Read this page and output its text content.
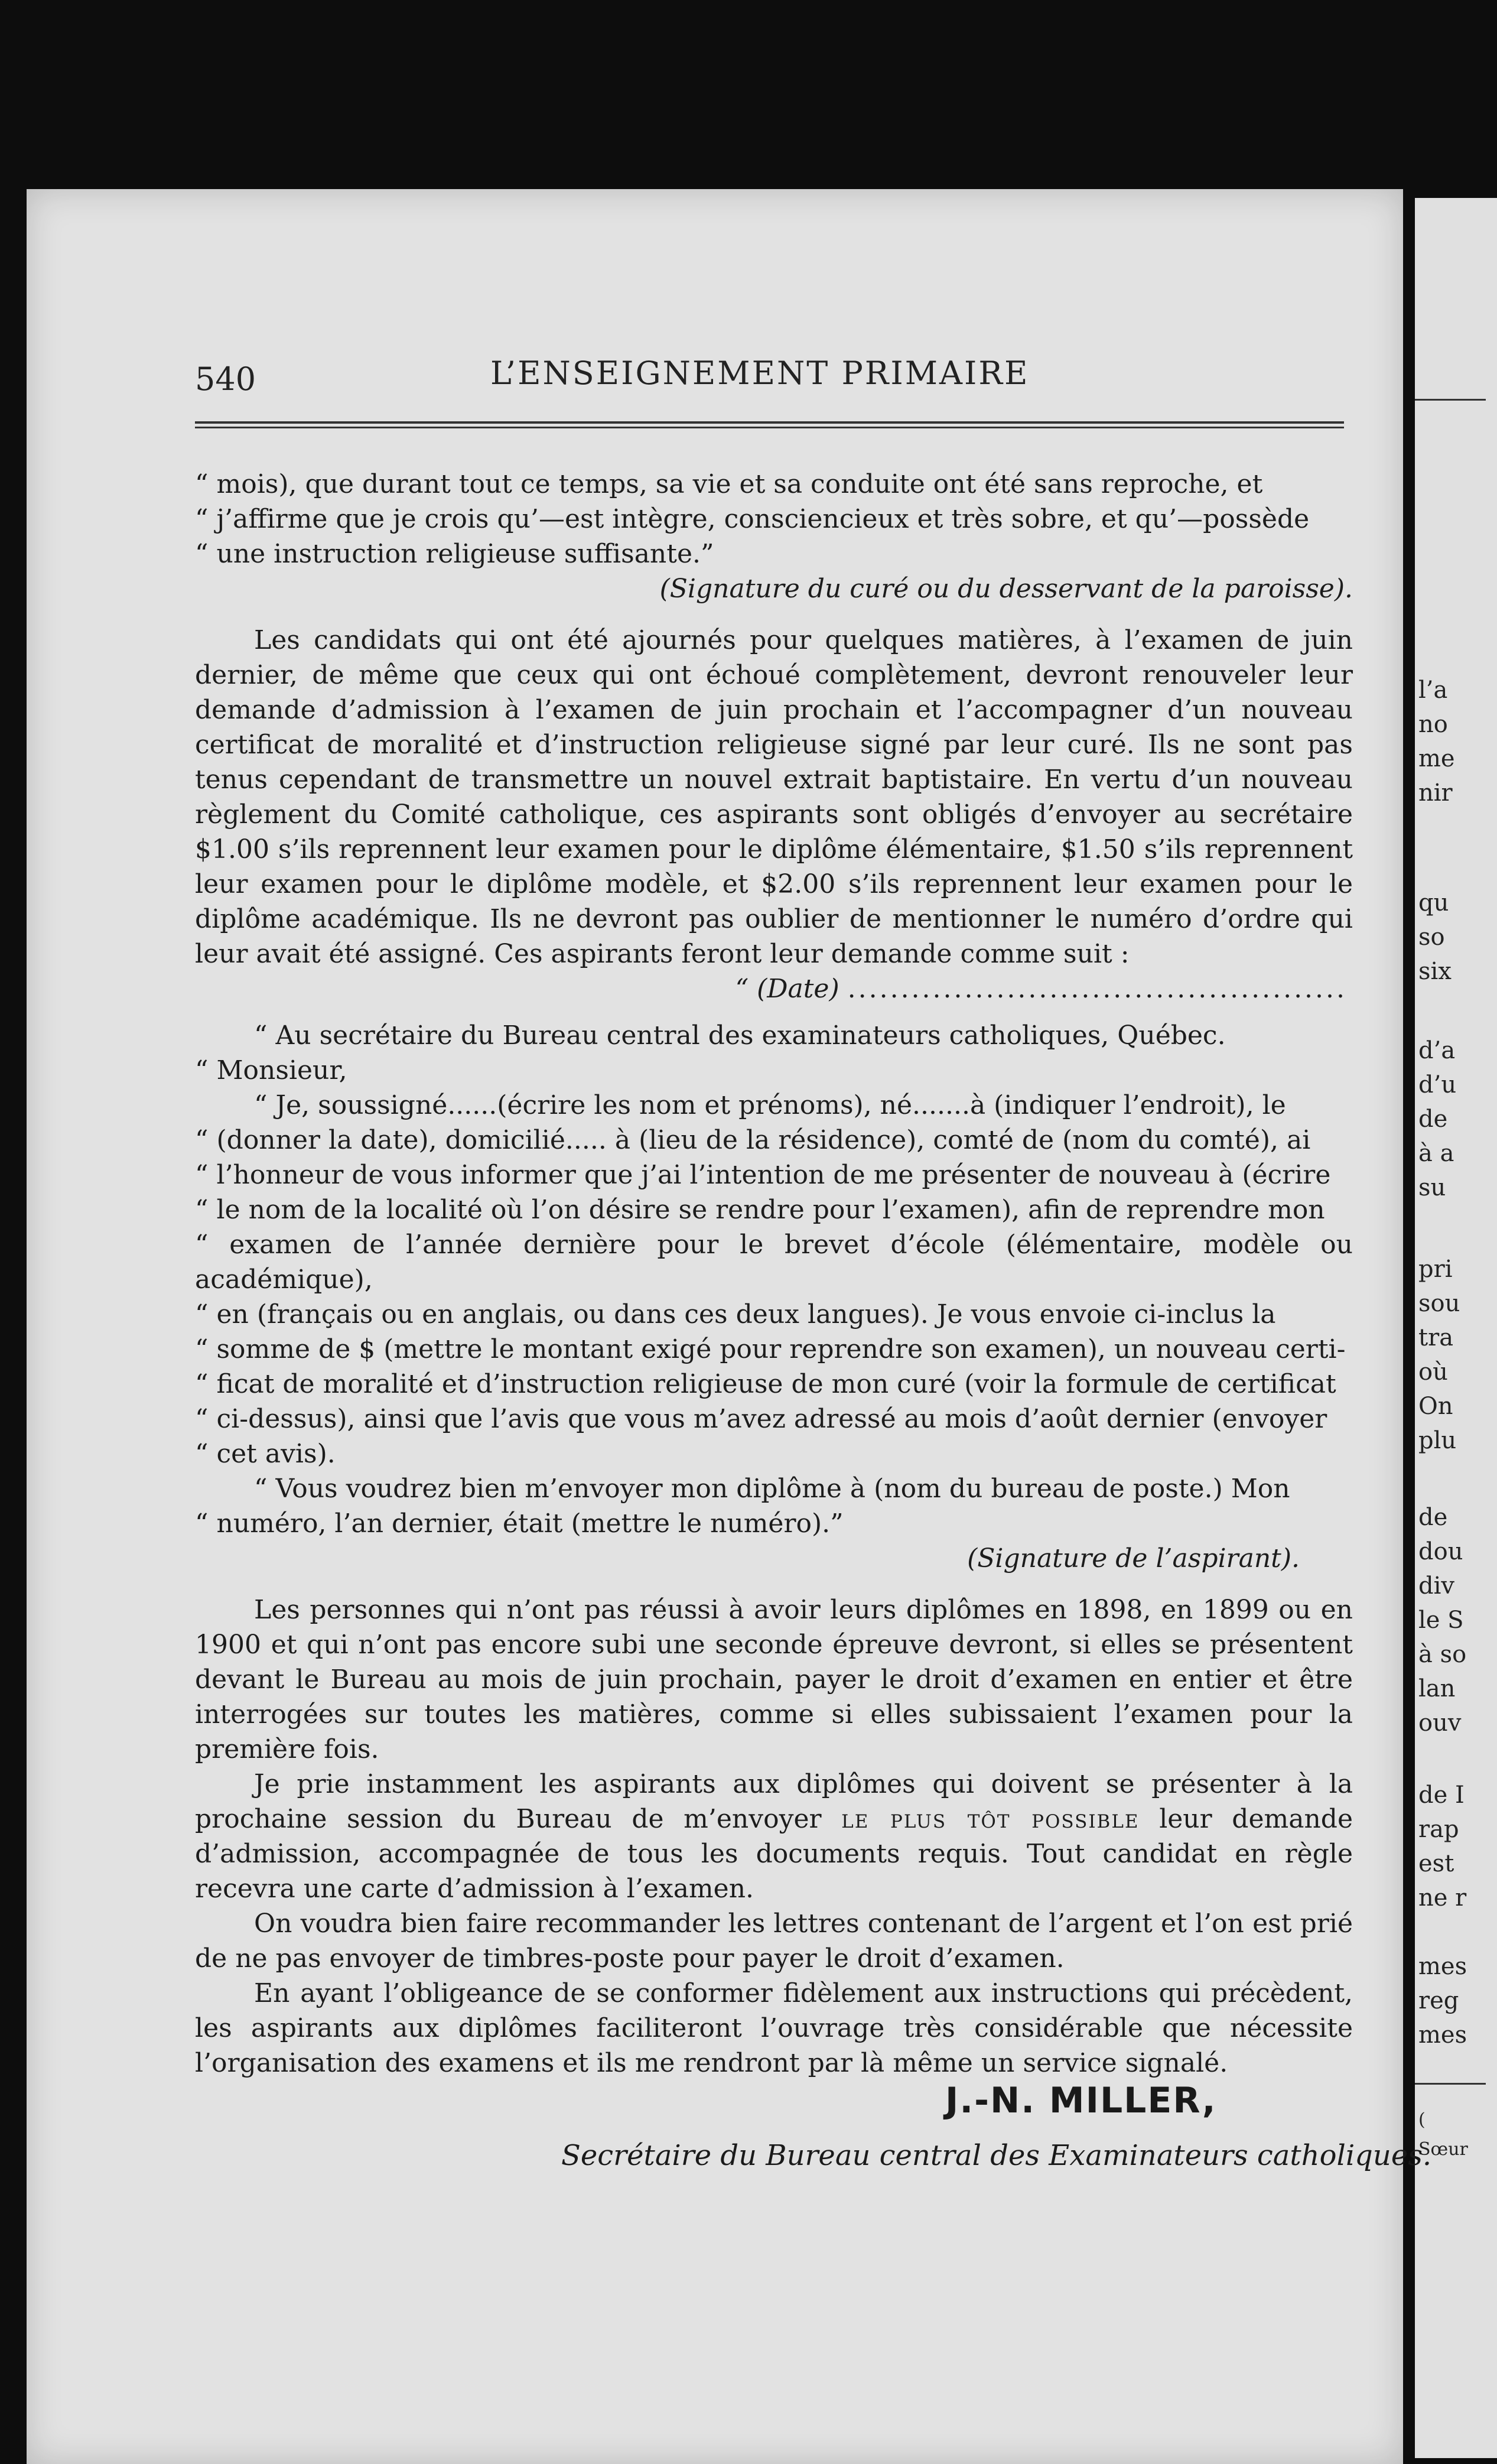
l’a
no
me
nir
qu
so
six
d’a
d’u
de
à a
su
pri
sou
tra
où
On
plu
de
dou
div
le S
à so
lan
ouv
de I
rap
est
ne r
mes
reg
mes
(
Sœur
540	L’ENSEIGNEMENT PRIMAIRE

“ mois), que durant tout ce temps, sa vie et sa conduite ont été sans reproche, et

“ j’affirme que je crois qu’—est intègre, consciencieux et très sobre, et qu’—possède

“ une instruction religieuse suffisante.”

(Signature du curé ou du desservant de la paroisse).

Les candidats qui ont été ajournés pour quelques matières, à l’examen de juin dernier, de même que ceux qui ont échoué complètement, devront renouveler leur demande d’admission à l’examen de juin prochain et l’accompagner d’un nouveau certificat de moralité et d’instruction religieuse signé par leur curé. Ils ne sont pas tenus cependant de transmettre un nouvel extrait baptistaire. En vertu d’un nouveau règlement du Comité catholique, ces aspirants sont obligés d’envoyer au secrétaire $1.00 s’ils reprennent leur examen pour le diplôme élémentaire, $1.50 s’ils reprennent leur examen pour le diplôme modèle, et $2.00 s’ils reprennent leur examen pour le diplôme académique. Ils ne devront pas oublier de mentionner le numéro d’ordre qui leur avait été assigné. Ces aspirants feront leur demande comme suit :

“ (Date) ...............................................

“ Au secrétaire du Bureau central des examinateurs catholiques, Québec.

“ Monsieur,

“ Je, soussigné......(écrire les nom et prénoms), né.......à (indiquer l’endroit), le

“ (donner la date), domicilié..... à (lieu de la résidence), comté de (nom du comté), ai

“ l’honneur de vous informer que j’ai l’intention de me présenter de nouveau à (écrire

“ le nom de la localité où l’on désire se rendre pour l’examen), afin de reprendre mon

“ examen de l’année dernière pour le brevet d’école (élémentaire, modèle ou académique),

“ en (français ou en anglais, ou dans ces deux langues). Je vous envoie ci-inclus la

“ somme de $ (mettre le montant exigé pour reprendre son examen), un nouveau certi-

“ ficat de moralité et d’instruction religieuse de mon curé (voir la formule de certificat

“ ci-dessus), ainsi que l’avis que vous m’avez adressé au mois d’août dernier (envoyer

“ cet avis).

“ Vous voudrez bien m’envoyer mon diplôme à (nom du bureau de poste.) Mon

“ numéro, l’an dernier, était (mettre le numéro).”

(Signature de l’aspirant).

Les personnes qui n’ont pas réussi à avoir leurs diplômes en 1898, en 1899 ou en 1900 et qui n’ont pas encore subi une seconde épreuve devront, si elles se présentent devant le Bureau au mois de juin prochain, payer le droit d’examen en entier et être interrogées sur toutes les matières, comme si elles subissaient l’examen pour la première fois.

Je prie instamment les aspirants aux diplômes qui doivent se présenter à la prochaine session du Bureau de m’envoyer le plus tôt possible leur demande d’admission, accompagnée de tous les documents requis. Tout candidat en règle recevra une carte d’admission à l’examen.

On voudra bien faire recommander les lettres contenant de l’argent et l’on est prié de ne pas envoyer de timbres-poste pour payer le droit d’examen.

En ayant l’obligeance de se conformer fidèlement aux instructions qui précèdent, les aspirants aux diplômes faciliteront l’ouvrage très considérable que nécessite l’organisation des examens et ils me rendront par là même un service signalé.

J.-N. MILLER,
Secrétaire du Bureau central des Examinateurs catholiques.
